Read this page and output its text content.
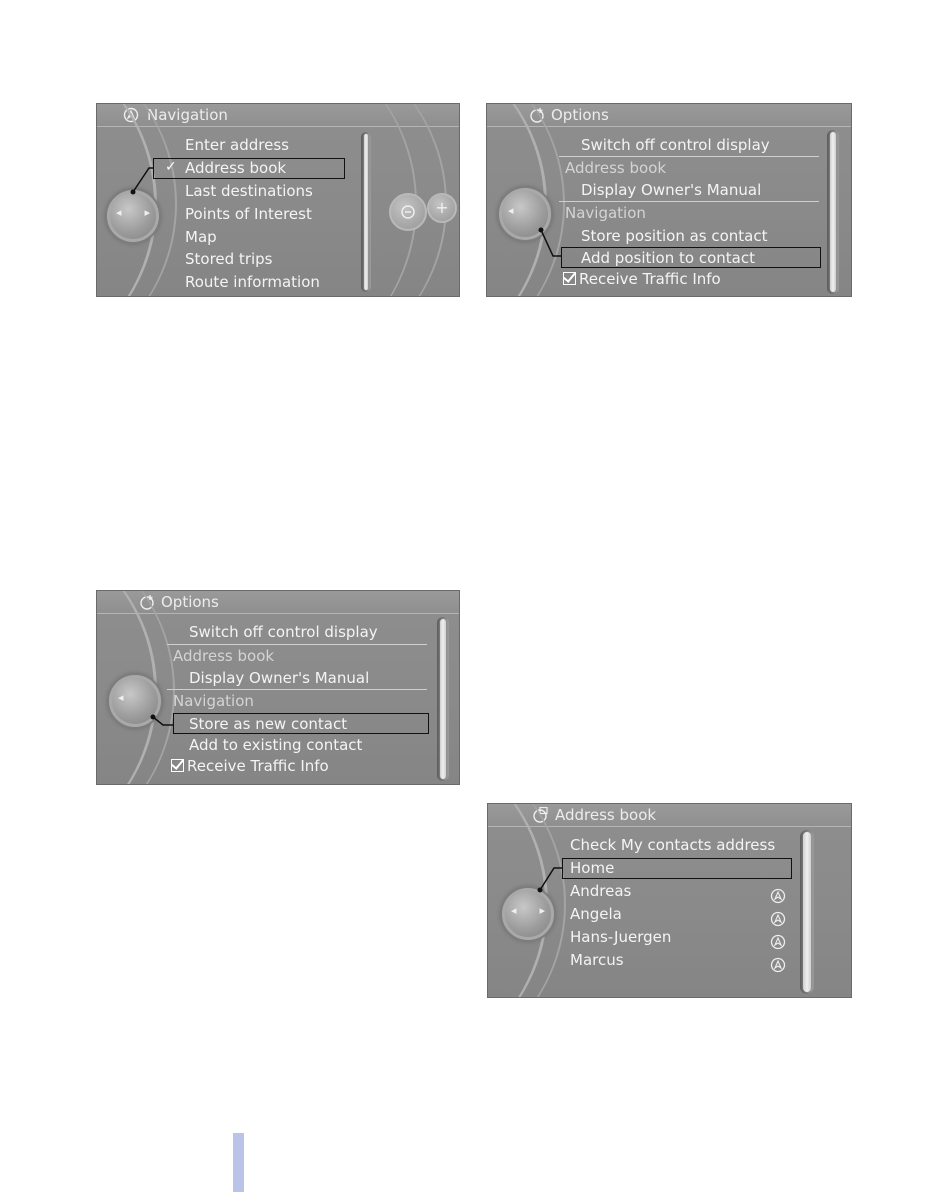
Navigation
◂ ▸	+
✓
Enter address
Address book
Last destinations
Points of Interest
Map
Stored trips
Route information
Options
◂
Switch off control display
Address book
Display Owner's Manual
Navigation
Store position as contact
Add position to contact
Receive Traffic Info
Options
◂
Switch off control display
Address book
Display Owner's Manual
Navigation
Store as new contact
Add to existing contact
Receive Traffic Info
Address book
◂ ▸
Check My contacts address
Home
Andreas
Angela
Hans-Juergen
Marcus
